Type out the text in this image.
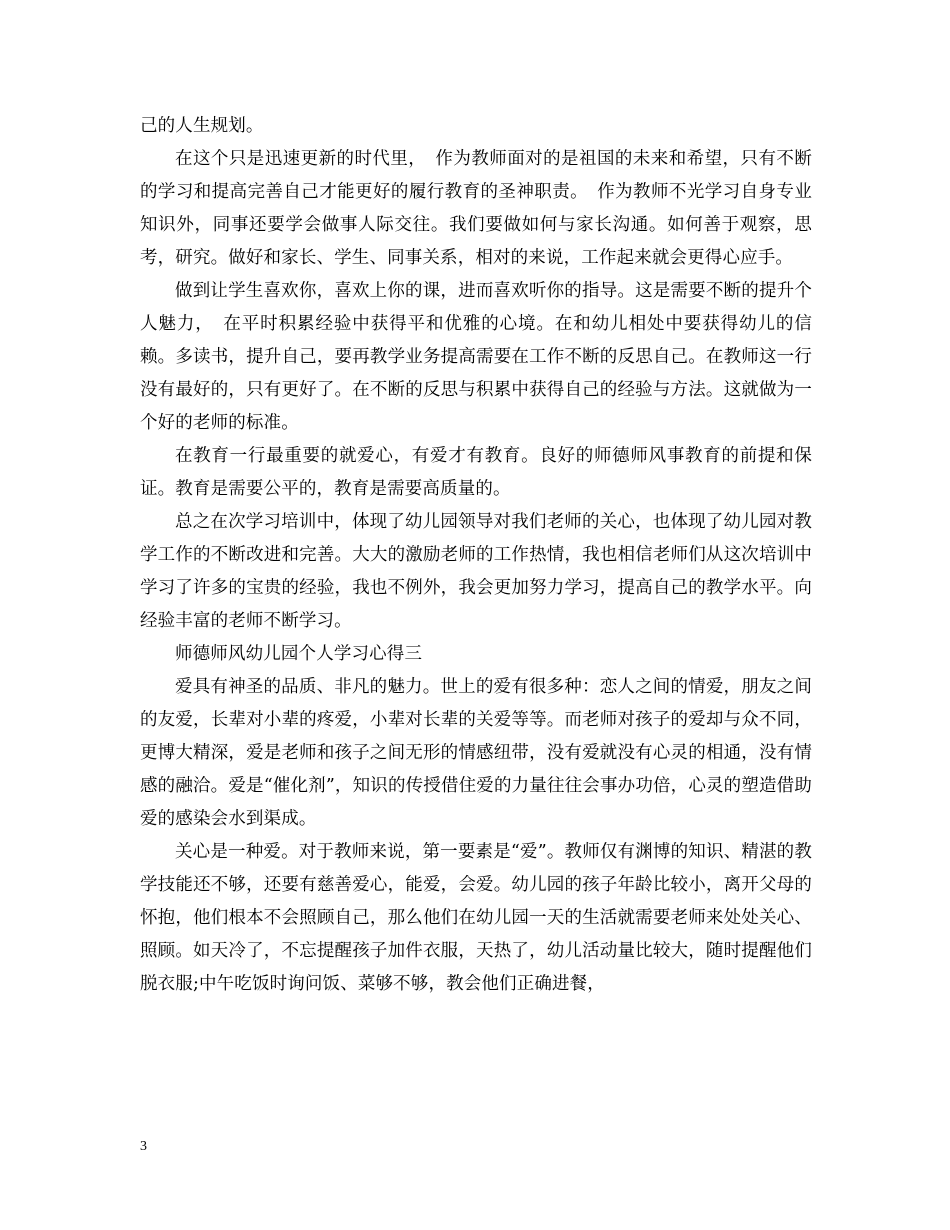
己的人生规划。

在这个只是迅速更新的时代里，　作为教师面对的是祖国的未来和希望，只有不断的学习和提高完善自己才能更好的履行教育的圣神职责。　作为教师不光学习自身专业知识外，同事还要学会做事人际交往。我们要做如何与家长沟通。如何善于观察，思考，研究。做好和家长、学生、同事关系，相对的来说，工作起来就会更得心应手。

做到让学生喜欢你，喜欢上你的课，进而喜欢听你的指导。这是需要不断的提升个人魅力，　在平时积累经验中获得平和优雅的心境。在和幼儿相处中要获得幼儿的信赖。多读书，提升自己，要再教学业务提高需要在工作不断的反思自己。在教师这一行没有最好的，只有更好了。在不断的反思与积累中获得自己的经验与方法。这就做为一个好的老师的标准。

在教育一行最重要的就爱心，有爱才有教育。良好的师德师风事教育的前提和保证。教育是需要公平的，教育是需要高质量的。

总之在次学习培训中，体现了幼儿园领导对我们老师的关心，也体现了幼儿园对教学工作的不断改进和完善。大大的激励老师的工作热情，我也相信老师们从这次培训中学习了许多的宝贵的经验，我也不例外，我会更加努力学习，提高自己的教学水平。向经验丰富的老师不断学习。

师德师风幼儿园个人学习心得三

爱具有神圣的品质、非凡的魅力。世上的爱有很多种：恋人之间的情爱，朋友之间的友爱，长辈对小辈的疼爱，小辈对长辈的关爱等等。而老师对孩子的爱却与众不同，更博大精深，爱是老师和孩子之间无形的情感纽带，没有爱就没有心灵的相通，没有情感的融洽。爱是“催化剂”，知识的传授借住爱的力量往往会事办功倍，心灵的塑造借助爱的感染会水到渠成。

关心是一种爱。对于教师来说，第一要素是“爱”。教师仅有渊博的知识、精湛的教学技能还不够，还要有慈善爱心，能爱，会爱。幼儿园的孩子年龄比较小，离开父母的怀抱，他们根本不会照顾自己，那么他们在幼儿园一天的生活就需要老师来处处关心、照顾。如天冷了，不忘提醒孩子加件衣服，天热了，幼儿活动量比较大，随时提醒他们脱衣服;中午吃饭时询问饭、菜够不够，教会他们正确进餐，

3
